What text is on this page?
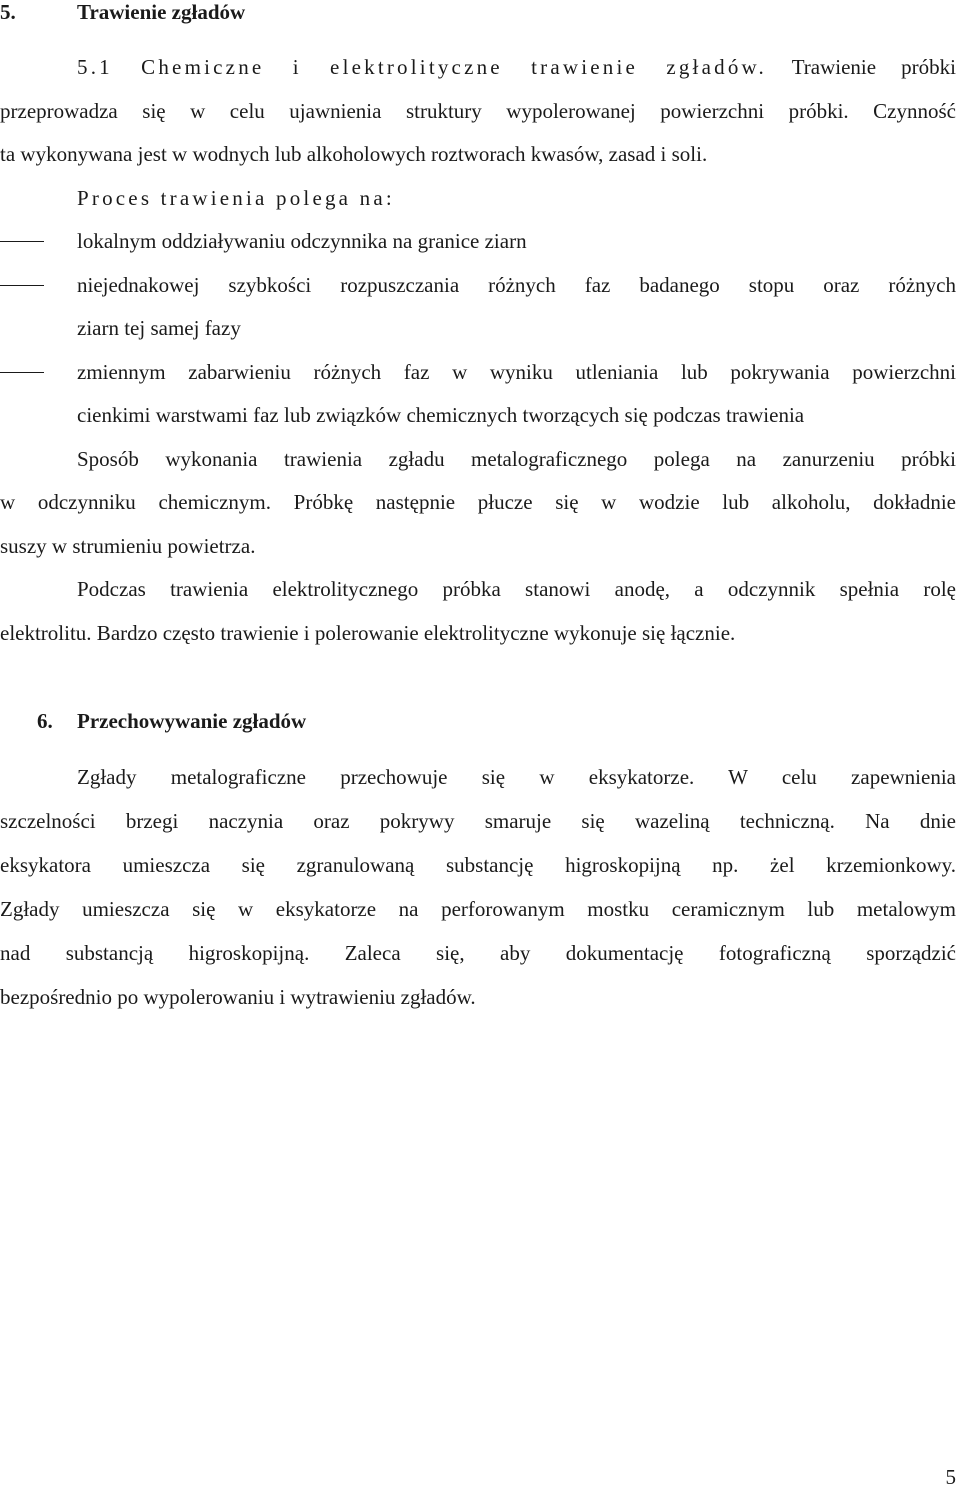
5.	Trawienie zgładów
5.1 Chemiczne i elektrolityczne trawienie zgładów. Trawienie próbki
przeprowadza się w celu ujawnienia struktury wypolerowanej powierzchni próbki. Czynność
ta wykonywana jest w wodnych lub alkoholowych roztworach kwasów, zasad i soli.
Proces trawienia polega na:
lokalnym oddziaływaniu odczynnika na granice ziarn
niejednakowej szybkości rozpuszczania różnych faz badanego stopu oraz różnych
ziarn tej samej fazy
zmiennym zabarwieniu różnych faz w wyniku utleniania lub pokrywania powierzchni
cienkimi warstwami faz lub związków chemicznych tworzących się podczas trawienia
Sposób wykonania trawienia zgładu metalograficznego polega na zanurzeniu próbki
w odczynniku chemicznym. Próbkę następnie płucze się w wodzie lub alkoholu, dokładnie
suszy w strumieniu powietrza.
Podczas trawienia elektrolitycznego próbka stanowi anodę, a odczynnik spełnia rolę
elektrolitu. Bardzo często trawienie i polerowanie elektrolityczne wykonuje się łącznie.
6. Przechowywanie zgładów
Zgłady metalograficzne przechowuje się w eksykatorze. W celu zapewnienia
szczelności brzegi naczynia oraz pokrywy smaruje się wazeliną techniczną. Na dnie
eksykatora umieszcza się zgranulowaną substancję higroskopijną np. żel krzemionkowy.
Zgłady umieszcza się w eksykatorze na perforowanym mostku ceramicznym lub metalowym
nad substancją higroskopijną. Zaleca się, aby dokumentację fotograficzną sporządzić
bezpośrednio po wypolerowaniu i wytrawieniu zgładów.
5
